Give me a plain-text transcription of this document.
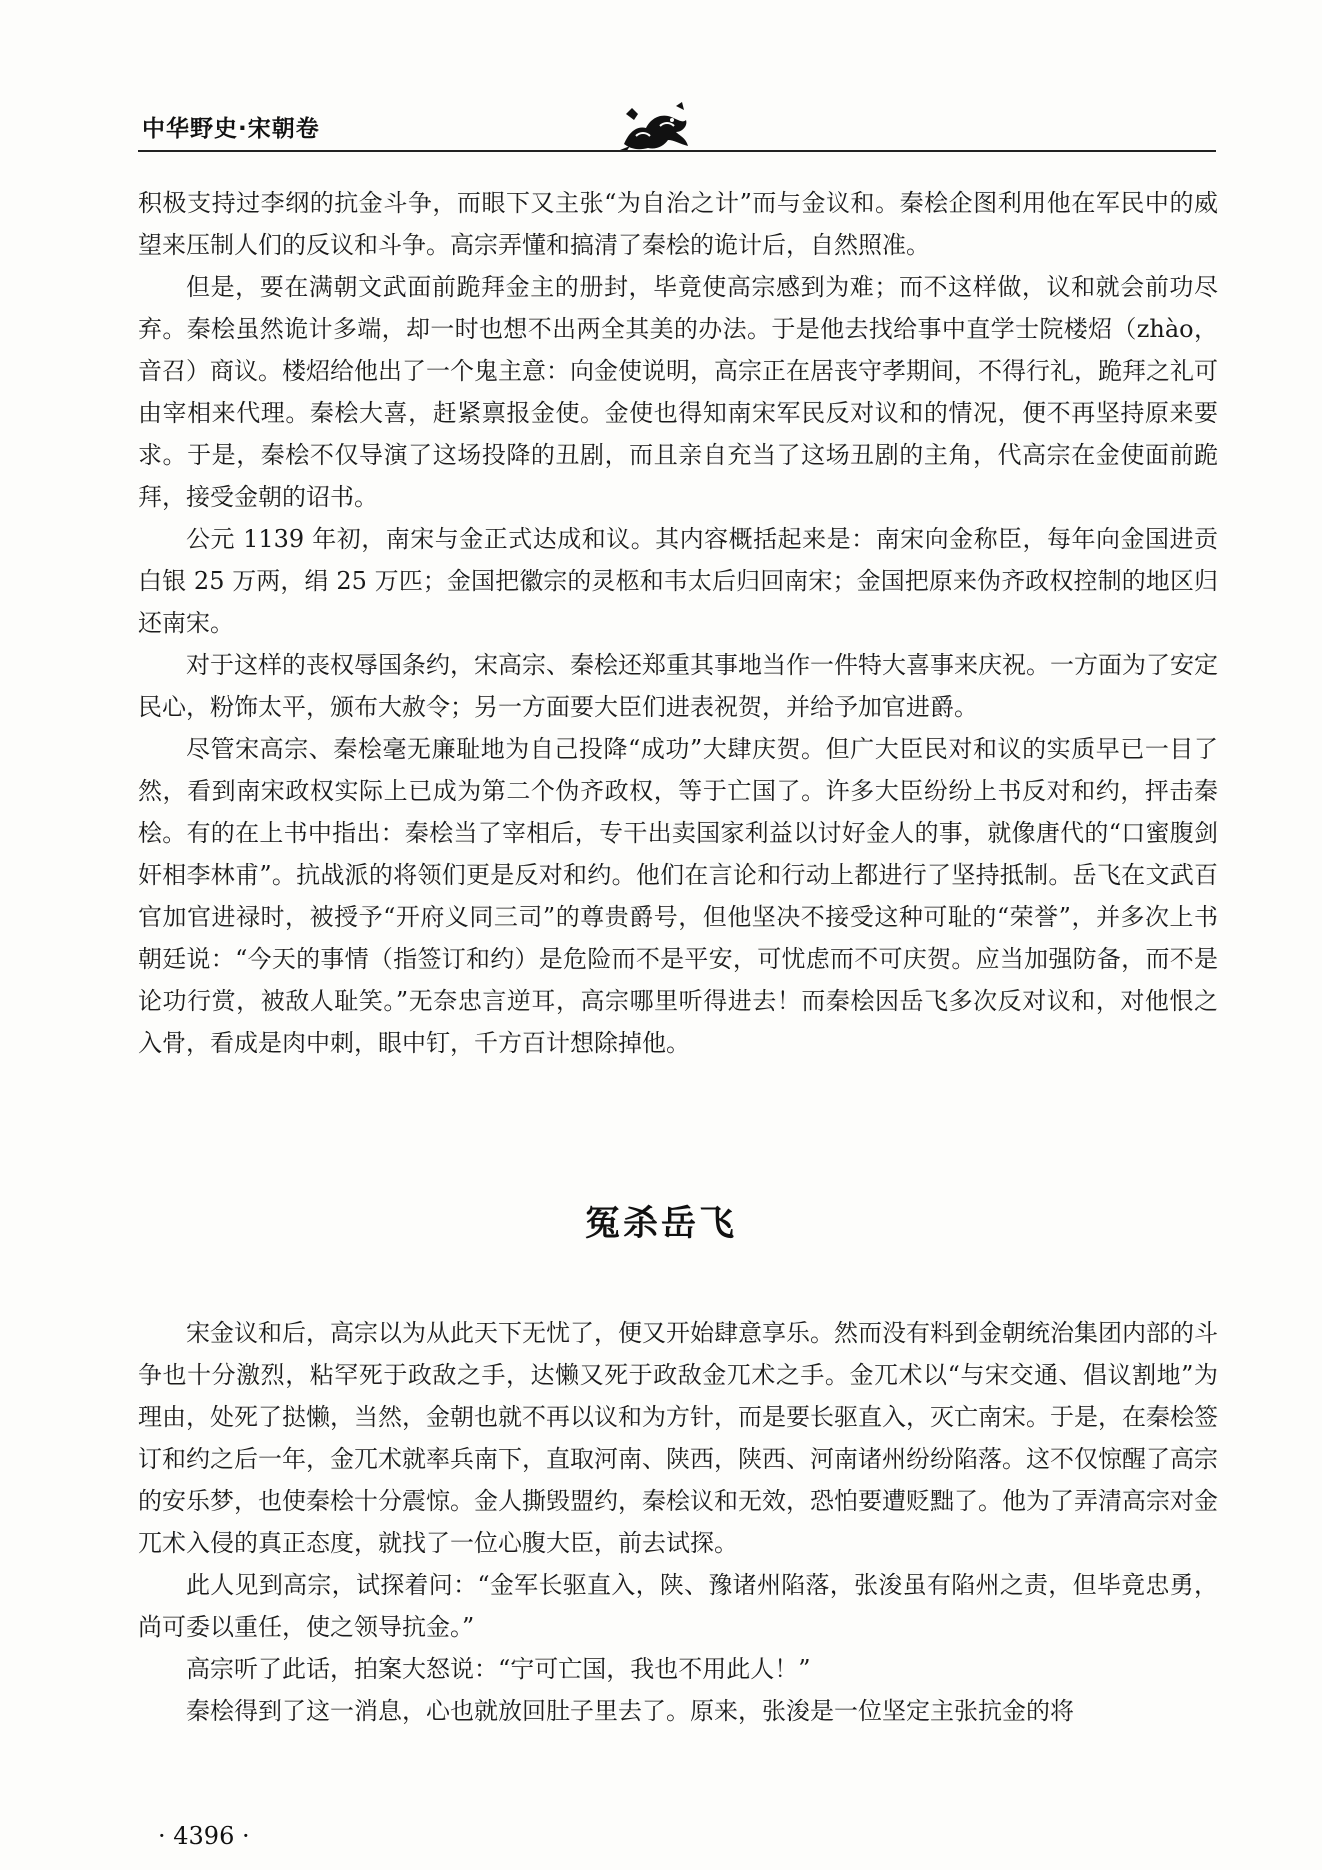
中华野史·宋朝卷

积极支持过李纲的抗金斗争，而眼下又主张“为自治之计”而与金议和。秦桧企图利用他在军民中的威望来压制人们的反议和斗争。高宗弄懂和搞清了秦桧的诡计后，自然照准。

但是，要在满朝文武面前跪拜金主的册封，毕竟使高宗感到为难；而不这样做，议和就会前功尽弃。秦桧虽然诡计多端，却一时也想不出两全其美的办法。于是他去找给事中直学士院楼炤（zhào，音召）商议。楼炤给他出了一个鬼主意：向金使说明，高宗正在居丧守孝期间，不得行礼，跪拜之礼可由宰相来代理。秦桧大喜，赶紧禀报金使。金使也得知南宋军民反对议和的情况，便不再坚持原来要求。于是，秦桧不仅导演了这场投降的丑剧，而且亲自充当了这场丑剧的主角，代高宗在金使面前跪拜，接受金朝的诏书。

公元 1139 年初，南宋与金正式达成和议。其内容概括起来是：南宋向金称臣，每年向金国进贡白银 25 万两，绢 25 万匹；金国把徽宗的灵柩和韦太后归回南宋；金国把原来伪齐政权控制的地区归还南宋。

对于这样的丧权辱国条约，宋高宗、秦桧还郑重其事地当作一件特大喜事来庆祝。一方面为了安定民心，粉饰太平，颁布大赦令；另一方面要大臣们进表祝贺，并给予加官进爵。

尽管宋高宗、秦桧毫无廉耻地为自己投降“成功”大肆庆贺。但广大臣民对和议的实质早已一目了然，看到南宋政权实际上已成为第二个伪齐政权，等于亡国了。许多大臣纷纷上书反对和约，抨击秦桧。有的在上书中指出：秦桧当了宰相后，专干出卖国家利益以讨好金人的事，就像唐代的“口蜜腹剑奸相李林甫”。抗战派的将领们更是反对和约。他们在言论和行动上都进行了坚持抵制。岳飞在文武百官加官进禄时，被授予“开府义同三司”的尊贵爵号，但他坚决不接受这种可耻的“荣誉”，并多次上书朝廷说：“今天的事情（指签订和约）是危险而不是平安，可忧虑而不可庆贺。应当加强防备，而不是论功行赏，被敌人耻笑。”无奈忠言逆耳，高宗哪里听得进去！而秦桧因岳飞多次反对议和，对他恨之入骨，看成是肉中刺，眼中钉，千方百计想除掉他。

冤杀岳飞

宋金议和后，高宗以为从此天下无忧了，便又开始肆意享乐。然而没有料到金朝统治集团内部的斗争也十分激烈，粘罕死于政敌之手，达懒又死于政敌金兀术之手。金兀术以“与宋交通、倡议割地”为理由，处死了挞懒，当然，金朝也就不再以议和为方针，而是要长驱直入，灭亡南宋。于是，在秦桧签订和约之后一年，金兀术就率兵南下，直取河南、陕西，陕西、河南诸州纷纷陷落。这不仅惊醒了高宗的安乐梦，也使秦桧十分震惊。金人撕毁盟约，秦桧议和无效，恐怕要遭贬黜了。他为了弄清高宗对金兀术入侵的真正态度，就找了一位心腹大臣，前去试探。

此人见到高宗，试探着问：“金军长驱直入，陕、豫诸州陷落，张浚虽有陷州之责，但毕竟忠勇，尚可委以重任，使之领导抗金。”

高宗听了此话，拍案大怒说：“宁可亡国，我也不用此人！”

秦桧得到了这一消息，心也就放回肚子里去了。原来，张浚是一位坚定主张抗金的将

· 4396 ·
